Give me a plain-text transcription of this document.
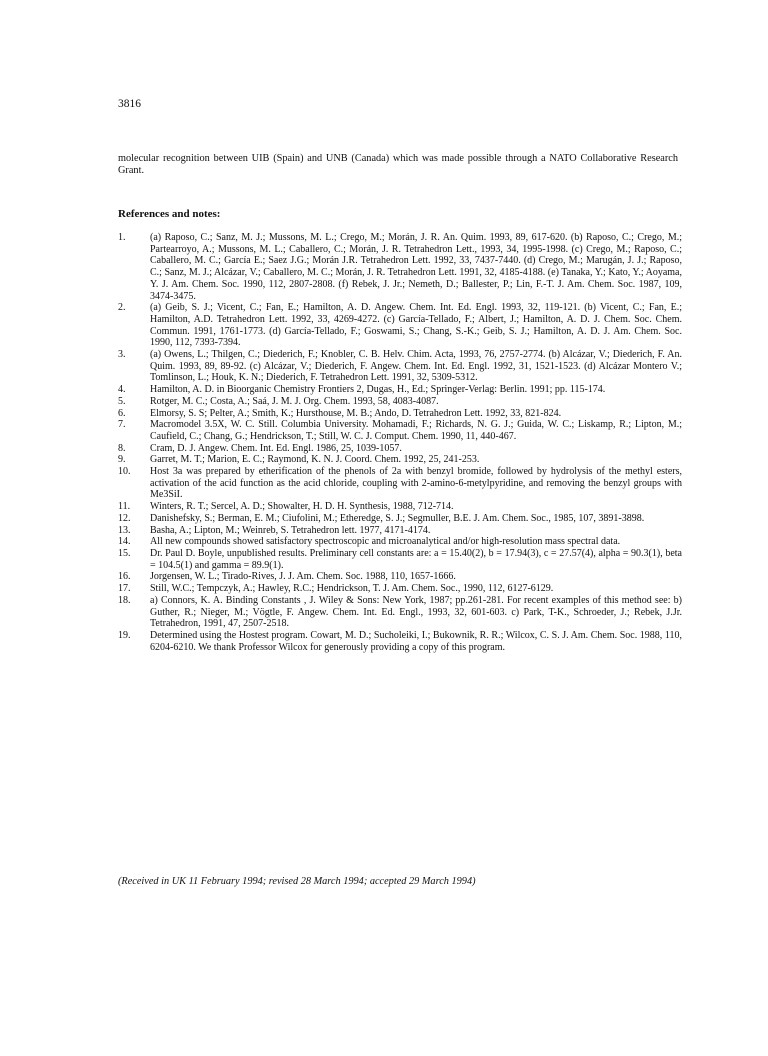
3816
molecular recognition between UIB (Spain) and UNB (Canada) which was made possible through a NATO Collaborative Research Grant.
References and notes:
1.	(a) Raposo, C.; Sanz, M. J.; Mussons, M. L.; Crego, M.; Morán, J. R. An. Quim. 1993, 89, 617-620. (b) Raposo, C.; Crego, M.; Partearroyo, A.; Mussons, M. L.; Caballero, C.; Morán, J. R. Tetrahedron Lett., 1993, 34, 1995-1998. (c) Crego, M.; Raposo, C.; Caballero, M. C.; García E.; Saez J.G.; Morán J.R. Tetrahedron Lett. 1992, 33, 7437-7440. (d) Crego, M.; Marugán, J. J.; Raposo, C.; Sanz, M. J.; Alcázar, V.; Caballero, M. C.; Morán, J. R. Tetrahedron Lett. 1991, 32, 4185-4188. (e) Tanaka, Y.; Kato, Y.; Aoyama, Y. J. Am. Chem. Soc. 1990, 112, 2807-2808. (f) Rebek, J. Jr.; Nemeth, D.; Ballester, P.; Lin, F.-T. J. Am. Chem. Soc. 1987, 109, 3474-3475.
2.	(a) Geib, S. J.; Vicent, C.; Fan, E.; Hamilton, A. D. Angew. Chem. Int. Ed. Engl. 1993, 32, 119-121. (b) Vicent, C.; Fan, E.; Hamilton, A.D. Tetrahedron Lett. 1992, 33, 4269-4272. (c) García-Tellado, F.; Albert, J.; Hamilton, A. D. J. Chem. Soc. Chem. Commun. 1991, 1761-1773. (d) García-Tellado, F.; Goswami, S.; Chang, S.-K.; Geib, S. J.; Hamilton, A. D. J. Am. Chem. Soc. 1990, 112, 7393-7394.
3.	(a) Owens, L.; Thilgen, C.; Diederich, F.; Knobler, C. B. Helv. Chim. Acta, 1993, 76, 2757-2774. (b) Alcázar, V.; Diederich, F. An. Quim. 1993, 89, 89-92. (c) Alcázar, V.; Diederich, F. Angew. Chem. Int. Ed. Engl. 1992, 31, 1521-1523. (d) Alcázar Montero V.; Tomlinson, L.; Houk, K. N.; Diederich, F. Tetrahedron Lett. 1991, 32, 5309-5312.
4.	Hamilton, A. D. in Bioorganic Chemistry Frontiers 2, Dugas, H., Ed.; Springer-Verlag: Berlin. 1991; pp. 115-174.
5.	Rotger, M. C.; Costa, A.; Saá, J. M. J. Org. Chem. 1993, 58, 4083-4087.
6.	Elmorsy, S. S; Pelter, A.; Smith, K.; Hursthouse, M. B.; Ando, D. Tetrahedron Lett. 1992, 33, 821-824.
7.	Macromodel 3.5X, W. C. Still. Columbia University. Mohamadi, F.; Richards, N. G. J.; Guida, W. C.; Liskamp, R.; Lipton, M.; Caufield, C.; Chang, G.; Hendrickson, T.; Still, W. C. J. Comput. Chem. 1990, 11, 440-467.
8.	Cram, D. J. Angew. Chem. Int. Ed. Engl. 1986, 25, 1039-1057.
9.	Garret, M. T.; Marion, E. C.; Raymond, K. N. J. Coord. Chem. 1992, 25, 241-253.
10.	Host 3a was prepared by etherification of the phenols of 2a with benzyl bromide, followed by hydrolysis of the methyl esters, activation of the acid function as the acid chloride, coupling with 2-amino-6-metylpyridine, and removing the benzyl groups with Me3SiI.
11.	Winters, R. T.; Sercel, A. D.; Showalter, H. D. H. Synthesis, 1988, 712-714.
12.	Danishefsky, S.; Berman, E. M.; Ciufolini, M.; Etheredge, S. J.; Segmuller, B.E. J. Am. Chem. Soc., 1985, 107, 3891-3898.
13.	Basha, A.; Lipton, M.; Weinreb, S. Tetrahedron lett. 1977, 4171-4174.
14.	All new compounds showed satisfactory spectroscopic and microanalytical and/or high-resolution mass spectral data.
15.	Dr. Paul D. Boyle, unpublished results. Preliminary cell constants are: a = 15.40(2), b = 17.94(3), c = 27.57(4), alpha = 90.3(1), beta = 104.5(1) and gamma = 89.9(1).
16.	Jorgensen, W. L.; Tirado-Rives, J. J. Am. Chem. Soc. 1988, 110, 1657-1666.
17.	Still, W.C.; Tempczyk, A.; Hawley, R.C.; Hendrickson, T. J. Am. Chem. Soc., 1990, 112, 6127-6129.
18.	a) Connors, K. A. Binding Constants , J. Wiley & Sons: New York, 1987; pp.261-281. For recent examples of this method see: b) Guther, R.; Nieger, M.; Vögtle, F. Angew. Chem. Int. Ed. Engl., 1993, 32, 601-603. c) Park, T-K., Schroeder, J.; Rebek, J.Jr. Tetrahedron, 1991, 47, 2507-2518.
19.	Determined using the Hostest program. Cowart, M. D.; Sucholeiki, I.; Bukownik, R. R.; Wilcox, C. S. J. Am. Chem. Soc. 1988, 110, 6204-6210. We thank Professor Wilcox for generously providing a copy of this program.
(Received in UK 11 February 1994; revised 28 March 1994; accepted 29 March 1994)
